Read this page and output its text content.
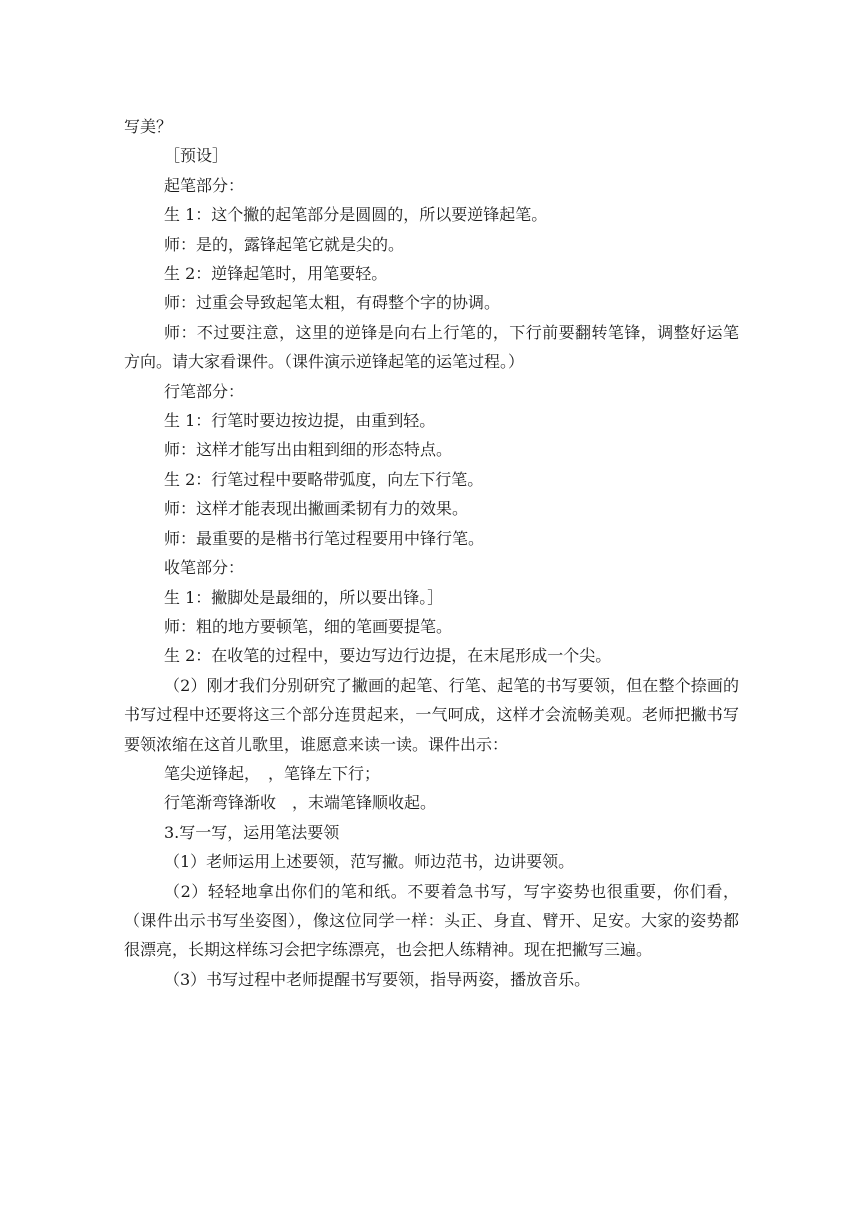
写美？

［预设］

起笔部分：

生 1：这个撇的起笔部分是圆圆的，所以要逆锋起笔。

师：是的，露锋起笔它就是尖的。

生 2：逆锋起笔时，用笔要轻。

师：过重会导致起笔太粗，有碍整个字的协调。

师：不过要注意，这里的逆锋是向右上行笔的，下行前要翻转笔锋，调整好运笔方向。请大家看课件。（课件演示逆锋起笔的运笔过程。）

行笔部分：

生 1：行笔时要边按边提，由重到轻。

师：这样才能写出由粗到细的形态特点。

生 2：行笔过程中要略带弧度，向左下行笔。

师：这样才能表现出撇画柔韧有力的效果。

师：最重要的是楷书行笔过程要用中锋行笔。

收笔部分：

生 1：撇脚处是最细的，所以要出锋。］

师：粗的地方要顿笔，细的笔画要提笔。

生 2：在收笔的过程中，要边写边行边提，在末尾形成一个尖。

（2）刚才我们分别研究了撇画的起笔、行笔、起笔的书写要领，但在整个捺画的书写过程中还要将这三个部分连贯起来，一气呵成，这样才会流畅美观。老师把撇书写要领浓缩在这首儿歌里，谁愿意来读一读。课件出示：

笔尖逆锋起，　，笔锋左下行；

行笔渐弯锋渐收　，末端笔锋顺收起。

3.写一写，运用笔法要领

（1）老师运用上述要领，范写撇。师边范书，边讲要领。

（2）轻轻地拿出你们的笔和纸。不要着急书写，写字姿势也很重要，你们看，（课件出示书写坐姿图），像这位同学一样：头正、身直、臂开、足安。大家的姿势都很漂亮，长期这样练习会把字练漂亮，也会把人练精神。现在把撇写三遍。

（3）书写过程中老师提醒书写要领，指导两姿，播放音乐。
